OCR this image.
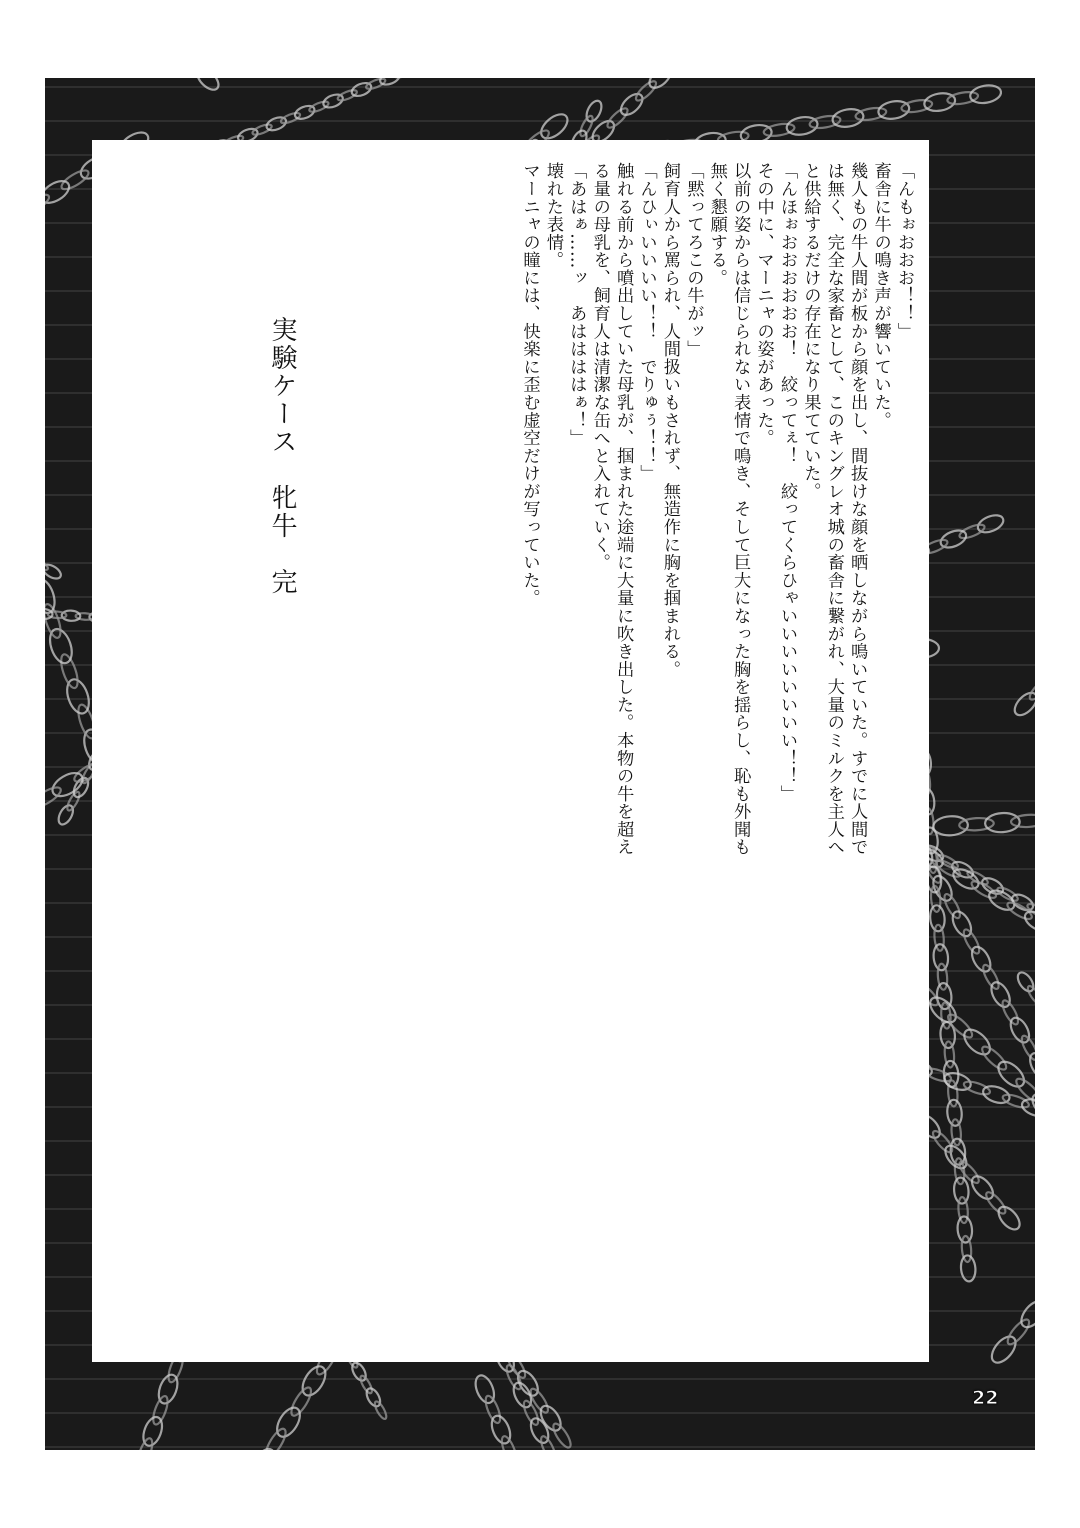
「んもぉおおお！！」

畜舎に牛の鳴き声が響いていた。

幾人もの牛人間が板から顔を出し、間抜けな顔を晒しながら鳴いていた。すでに人間では無く、完全な家畜として、このキングレオ城の畜舎に繋がれ、大量のミルクを主人へと供給するだけの存在になり果てていた。

「んほぉおおおおおお！　絞ってぇ！　絞ってくらひゃいいいいいいいい！！」

その中に、マーニャの姿があった。

以前の姿からは信じられない表情で鳴き、そして巨大になった胸を揺らし、恥も外聞も無く懇願する。

「黙ってろこの牛がッ」

飼育人から罵られ、人間扱いもされず、無造作に胸を掴まれる。

「んひぃいいいい！！　でりゅぅ！！」

触れる前から噴出していた母乳が、掴まれた途端に大量に吹き出した。本物の牛を超える量の母乳を、飼育人は清潔な缶へと入れていく。

「あはぁ……ッ　あははははぁ！」

壊れた表情。

マーニャの瞳には、快楽に歪む虚空だけが写っていた。

実験ケース　牝牛　完
22
